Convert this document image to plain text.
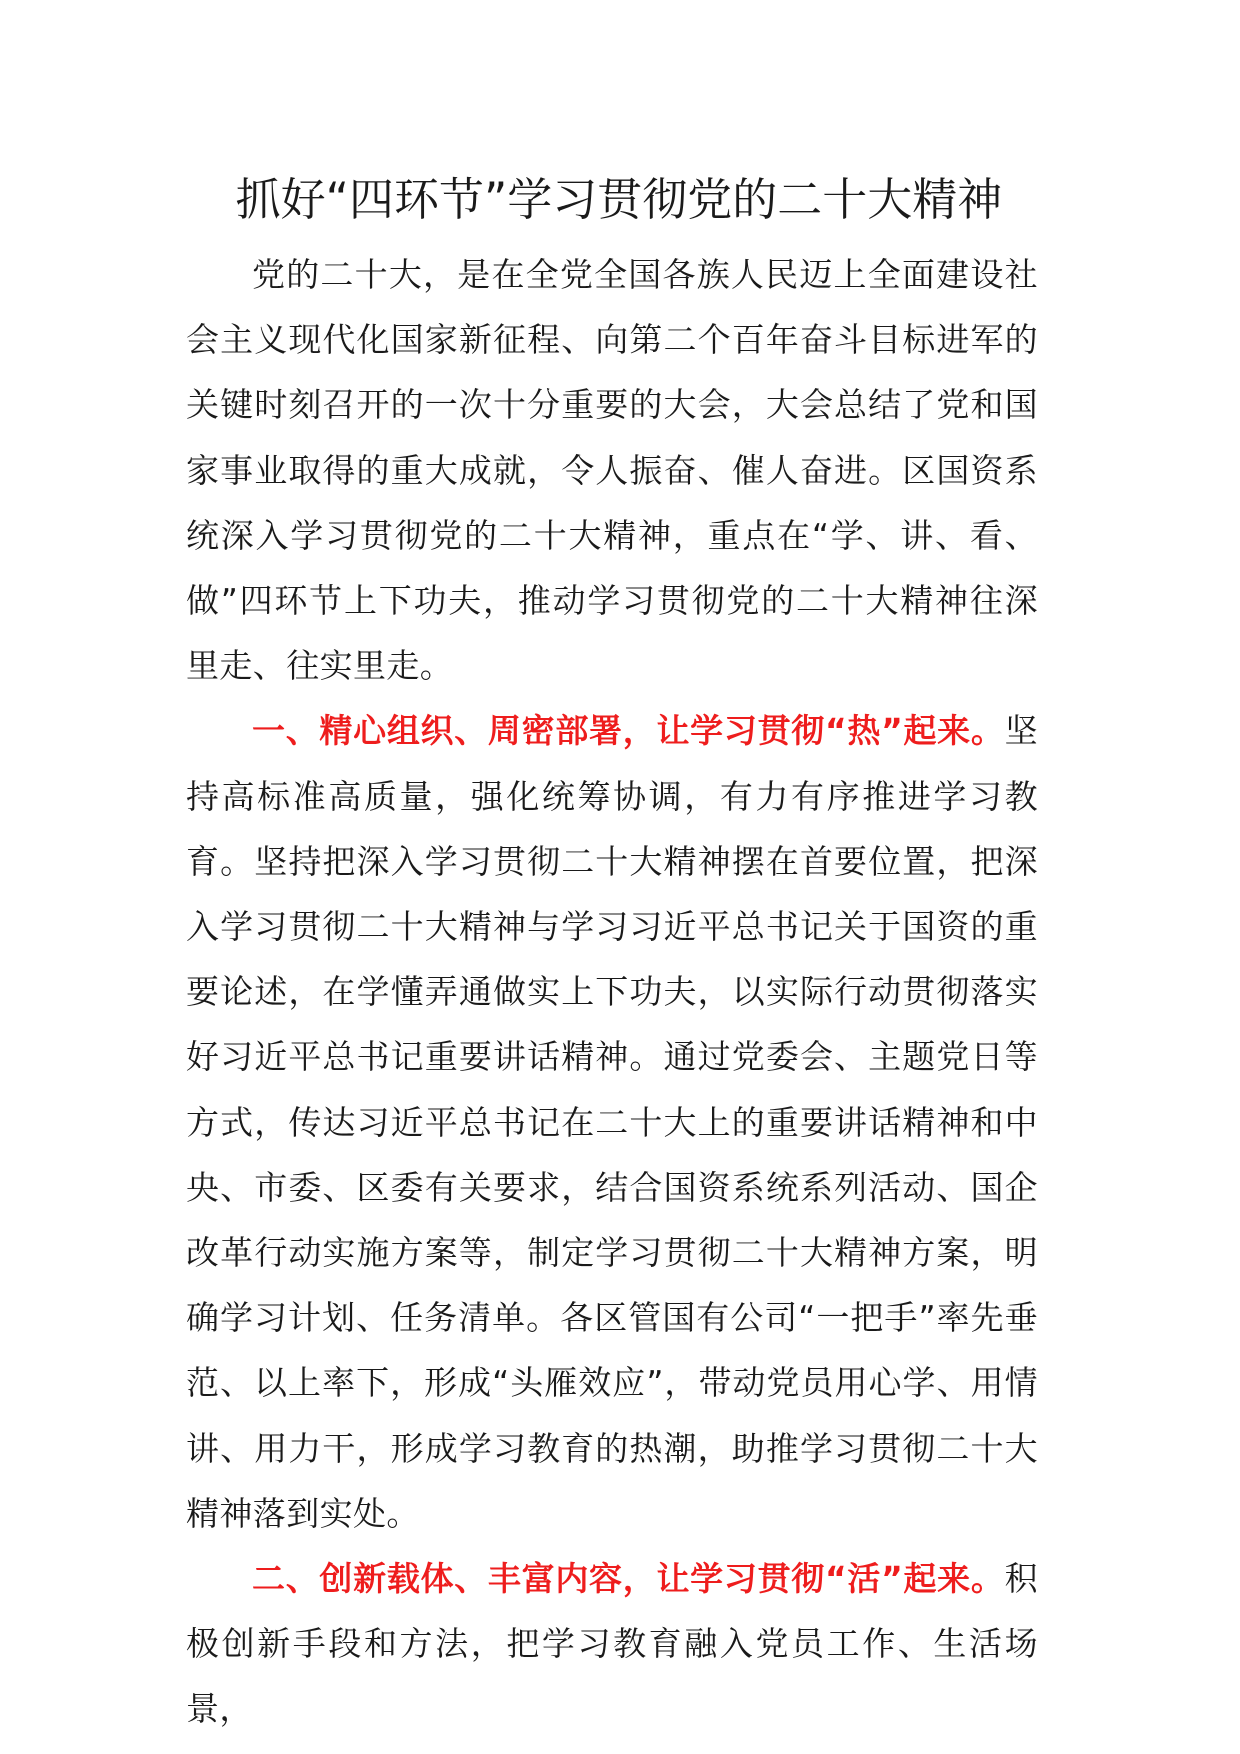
抓好“四环节”学习贯彻党的二十大精神

党的二十大，是在全党全国各族人民迈上全面建设社会主义现代化国家新征程、向第二个百年奋斗目标进军的关键时刻召开的一次十分重要的大会，大会总结了党和国家事业取得的重大成就，令人振奋、催人奋进。区国资系统深入学习贯彻党的二十大精神，重点在“学、讲、看、做”四环节上下功夫，推动学习贯彻党的二十大精神往深里走、往实里走。

一、精心组织、周密部署，让学习贯彻“热”起来。坚持高标准高质量，强化统筹协调，有力有序推进学习教育。坚持把深入学习贯彻二十大精神摆在首要位置，把深入学习贯彻二十大精神与学习习近平总书记关于国资的重要论述，在学懂弄通做实上下功夫，以实际行动贯彻落实好习近平总书记重要讲话精神。通过党委会、主题党日等方式，传达习近平总书记在二十大上的重要讲话精神和中央、市委、区委有关要求，结合国资系统系列活动、国企改革行动实施方案等，制定学习贯彻二十大精神方案，明确学习计划、任务清单。各区管国有公司“一把手”率先垂范、以上率下，形成“头雁效应”，带动党员用心学、用情讲、用力干，形成学习教育的热潮，助推学习贯彻二十大精神落到实处。

二、创新载体、丰富内容，让学习贯彻“活”起来。积极创新手段和方法，把学习教育融入党员工作、生活场景，
